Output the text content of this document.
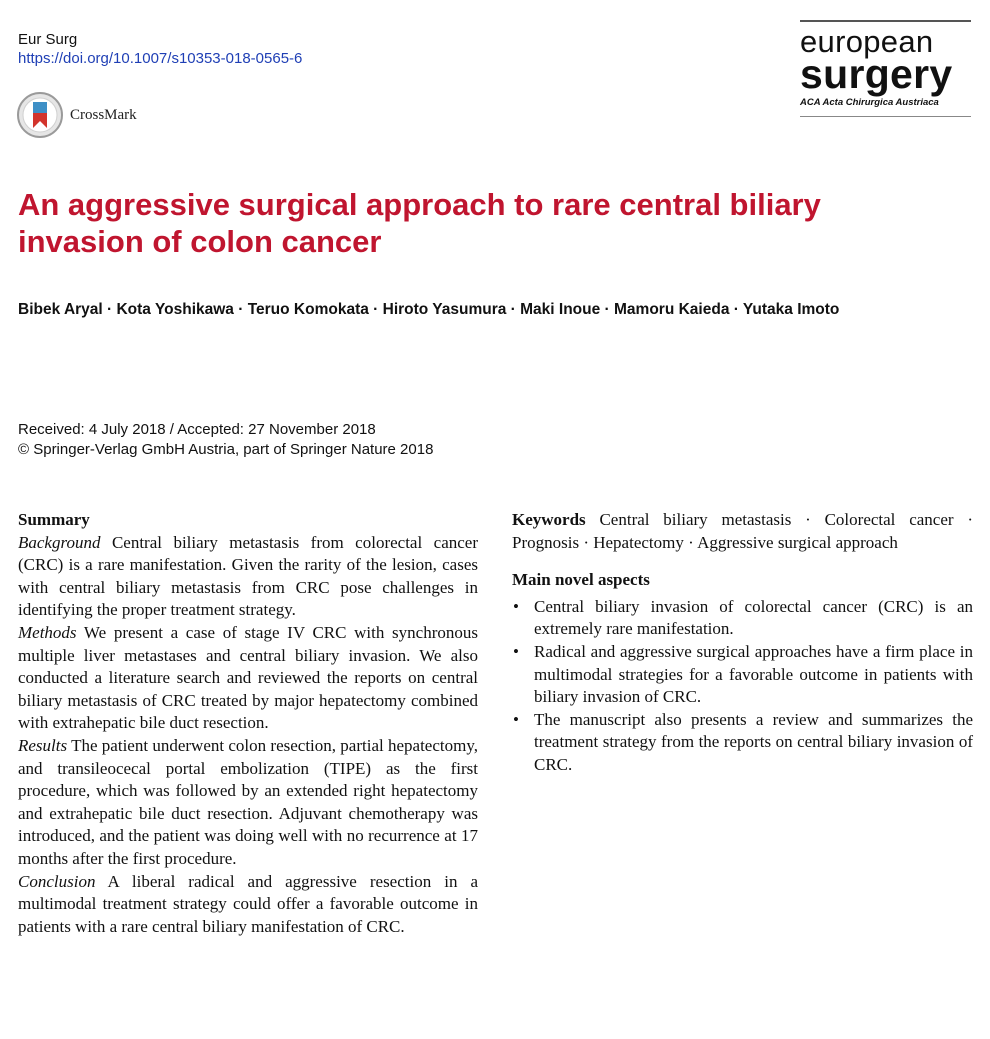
Eur Surg
https://doi.org/10.1007/s10353-018-0565-6
CrossMark
european
surgery
ACA Acta Chirurgica Austriaca
An aggressive surgical approach to rare central biliary invasion of colon cancer
Bibek Aryal · Kota Yoshikawa · Teruo Komokata · Hiroto Yasumura · Maki Inoue · Mamoru Kaieda · Yutaka Imoto
Received: 4 July 2018 / Accepted: 27 November 2018
© Springer-Verlag GmbH Austria, part of Springer Nature 2018

Summary

Background Central biliary metastasis from colorectal cancer (CRC) is a rare manifestation. Given the rarity of the lesion, cases with central biliary metastasis from CRC pose challenges in identifying the proper treatment strategy.

Methods We present a case of stage IV CRC with synchronous multiple liver metastases and central biliary invasion. We also conducted a literature search and reviewed the reports on central biliary metastasis of CRC treated by major hepatectomy combined with extrahepatic bile duct resection.

Results The patient underwent colon resection, partial hepatectomy, and transileocecal portal embolization (TIPE) as the first procedure, which was followed by an extended right hepatectomy and extrahepatic bile duct resection. Adjuvant chemotherapy was introduced, and the patient was doing well with no recurrence at 17 months after the first procedure.

Conclusion A liberal radical and aggressive resection in a multimodal treatment strategy could offer a favorable outcome in patients with a rare central biliary manifestation of CRC.

Keywords Central biliary metastasis · Colorectal cancer · Prognosis · Hepatectomy · Aggressive surgical approach

Main novel aspects

• Central biliary invasion of colorectal cancer (CRC) is an extremely rare manifestation.
• Radical and aggressive surgical approaches have a firm place in multimodal strategies for a favorable outcome in patients with biliary invasion of CRC.
• The manuscript also presents a review and summarizes the treatment strategy from the reports on central biliary invasion of CRC.
